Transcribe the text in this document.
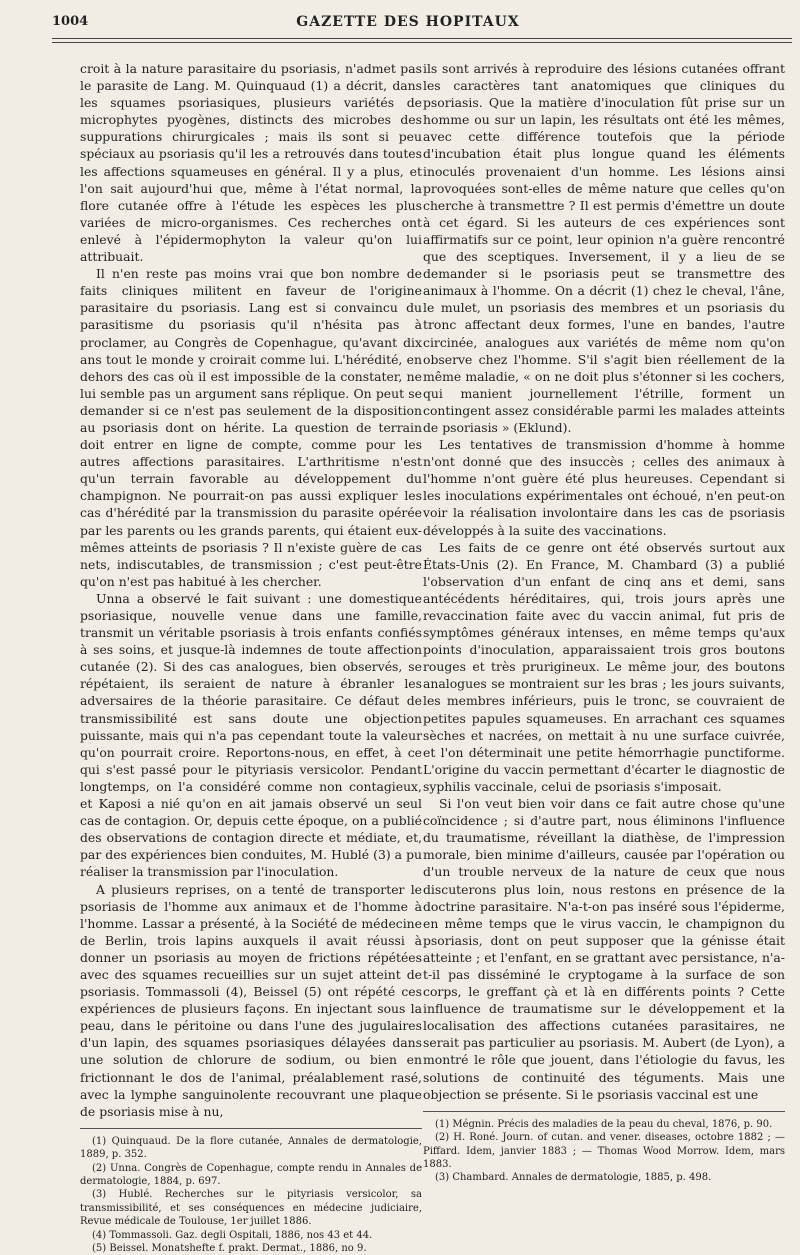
1004	GAZETTE DES HOPITAUX

croit à la nature parasitaire du psoriasis, n'admet pas le parasite de Lang. M. Quinquaud (1) a décrit, dans les squames psoriasiques, plusieurs variétés de microphytes pyogènes, distincts des microbes des suppurations chirurgicales ; mais ils sont si peu spéciaux au psoriasis qu'il les a retrouvés dans toutes les affections squameuses en général. Il y a plus, et l'on sait aujourd'hui que, même à l'état normal, la flore cutanée offre à l'étude les espèces les plus variées de micro-organismes. Ces recherches ont enlevé à l'épidermophyton la valeur qu'on lui attribuait.

Il n'en reste pas moins vrai que bon nombre de faits cliniques militent en faveur de l'origine parasitaire du psoriasis. Lang est si convaincu du parasitisme du psoriasis qu'il n'hésita pas à proclamer, au Congrès de Copenhague, qu'avant dix ans tout le monde y croirait comme lui. L'hérédité, en dehors des cas où il est impossible de la constater, ne lui semble pas un argument sans réplique. On peut se demander si ce n'est pas seulement de la disposition au psoriasis dont on hérite. La question de terrain doit entrer en ligne de compte, comme pour les autres affections parasitaires. L'arthritisme n'est qu'un terrain favorable au développement du champignon. Ne pourrait-on pas aussi expliquer les cas d'hérédité par la transmission du parasite opérée par les parents ou les grands parents, qui étaient eux-mêmes atteints de psoriasis ? Il n'existe guère de cas nets, indiscutables, de transmission ; c'est peut-être qu'on n'est pas habitué à les chercher.

Unna a observé le fait suivant : une domestique psoriasique, nouvelle venue dans une famille, transmit un véritable psoriasis à trois enfants confiés à ses soins, et jusque-là indemnes de toute affection cutanée (2). Si des cas analogues, bien observés, se répétaient, ils seraient de nature à ébranler les adversaires de la théorie parasitaire. Ce défaut de transmissibilité est sans doute une objection puissante, mais qui n'a pas cependant toute la valeur qu'on pourrait croire. Reportons-nous, en effet, à ce qui s'est passé pour le pityriasis versicolor. Pendant longtemps, on l'a considéré comme non contagieux, et Kaposi a nié qu'on en ait jamais observé un seul cas de contagion. Or, depuis cette époque, on a publié des observations de contagion directe et médiate, et, par des expériences bien conduites, M. Hublé (3) a pu réaliser la transmission par l'inoculation.

A plusieurs reprises, on a tenté de transporter le psoriasis de l'homme aux animaux et de l'homme à l'homme. Lassar a présenté, à la Société de médecine de Berlin, trois lapins auxquels il avait réussi à donner un psoriasis au moyen de frictions répétées avec des squames recueillies sur un sujet atteint de psoriasis. Tommassoli (4), Beissel (5) ont répété ces expériences de plusieurs façons. En injectant sous la peau, dans le péritoine ou dans l'une des jugulaires d'un lapin, des squames psoriasiques délayées dans une solution de chlorure de sodium, ou bien en frictionnant le dos de l'animal, préalablement rasé, avec la lymphe sanguinolente recouvrant une plaque de psoriasis mise à nu,

(1) Quinquaud. De la flore cutanée, Annales de dermatologie, 1889, p. 352.

(2) Unna. Congrès de Copenhague, compte rendu in Annales de dermatologie, 1884, p. 697.

(3) Hublé. Recherches sur le pityriasis versicolor, sa transmissibilité, et ses conséquences en médecine judiciaire, Revue médicale de Toulouse, 1er juillet 1886.

(4) Tommassoli. Gaz. degli Ospitali, 1886, nos 43 et 44.

(5) Beissel. Monatshefte f. prakt. Dermat., 1886, no 9.

ils sont arrivés à reproduire des lésions cutanées offrant les caractères tant anatomiques que cliniques du psoriasis. Que la matière d'inoculation fût prise sur un homme ou sur un lapin, les résultats ont été les mêmes, avec cette différence toutefois que la période d'incubation était plus longue quand les éléments inoculés provenaient d'un homme. Les lésions ainsi provoquées sont-elles de même nature que celles qu'on cherche à transmettre ? Il est permis d'émettre un doute à cet égard. Si les auteurs de ces expériences sont affirmatifs sur ce point, leur opinion n'a guère rencontré que des sceptiques. Inversement, il y a lieu de se demander si le psoriasis peut se transmettre des animaux à l'homme. On a décrit (1) chez le cheval, l'âne, le mulet, un psoriasis des membres et un psoriasis du tronc affectant deux formes, l'une en bandes, l'autre circinée, analogues aux variétés de même nom qu'on observe chez l'homme. S'il s'agit bien réellement de la même maladie, « on ne doit plus s'étonner si les cochers, qui manient journellement l'étrille, forment un contingent assez considérable parmi les malades atteints de psoriasis » (Eklund).

Les tentatives de transmission d'homme à homme n'ont donné que des insuccès ; celles des animaux à l'homme n'ont guère été plus heureuses. Cependant si les inoculations expérimentales ont échoué, n'en peut-on voir la réalisation involontaire dans les cas de psoriasis développés à la suite des vaccinations.

Les faits de ce genre ont été observés surtout aux États-Unis (2). En France, M. Chambard (3) a publié l'observation d'un enfant de cinq ans et demi, sans antécédents héréditaires, qui, trois jours après une revaccination faite avec du vaccin animal, fut pris de symptômes généraux intenses, en même temps qu'aux points d'inoculation, apparaissaient trois gros boutons rouges et très prurigineux. Le même jour, des boutons analogues se montraient sur les bras ; les jours suivants, les membres inférieurs, puis le tronc, se couvraient de petites papules squameuses. En arrachant ces squames sèches et nacrées, on mettait à nu une surface cuivrée, et l'on déterminait une petite hémorrhagie punctiforme. L'origine du vaccin permettant d'écarter le diagnostic de syphilis vaccinale, celui de psoriasis s'imposait.

Si l'on veut bien voir dans ce fait autre chose qu'une coïncidence ; si d'autre part, nous éliminons l'influence du traumatisme, réveillant la diathèse, de l'impression morale, bien minime d'ailleurs, causée par l'opération ou d'un trouble nerveux de la nature de ceux que nous discuterons plus loin, nous restons en présence de la doctrine parasitaire. N'a-t-on pas inséré sous l'épiderme, en même temps que le virus vaccin, le champignon du psoriasis, dont on peut supposer que la génisse était atteinte ; et l'enfant, en se grattant avec persistance, n'a-t-il pas disséminé le cryptogame à la surface de son corps, le greffant çà et là en différents points ? Cette influence de traumatisme sur le développement et la localisation des affections cutanées parasitaires, ne serait pas particulier au psoriasis. M. Aubert (de Lyon), a montré le rôle que jouent, dans l'étiologie du favus, les solutions de continuité des téguments. Mais une objection se présente. Si le psoriasis vaccinal est une

(1) Mégnin. Précis des maladies de la peau du cheval, 1876, p. 90.

(2) H. Roné. Journ. of cutan. and vener. diseases, octobre 1882 ; — Piffard. Idem, janvier 1883 ; — Thomas Wood Morrow. Idem, mars 1883.

(3) Chambard. Annales de dermatologie, 1885, p. 498.
